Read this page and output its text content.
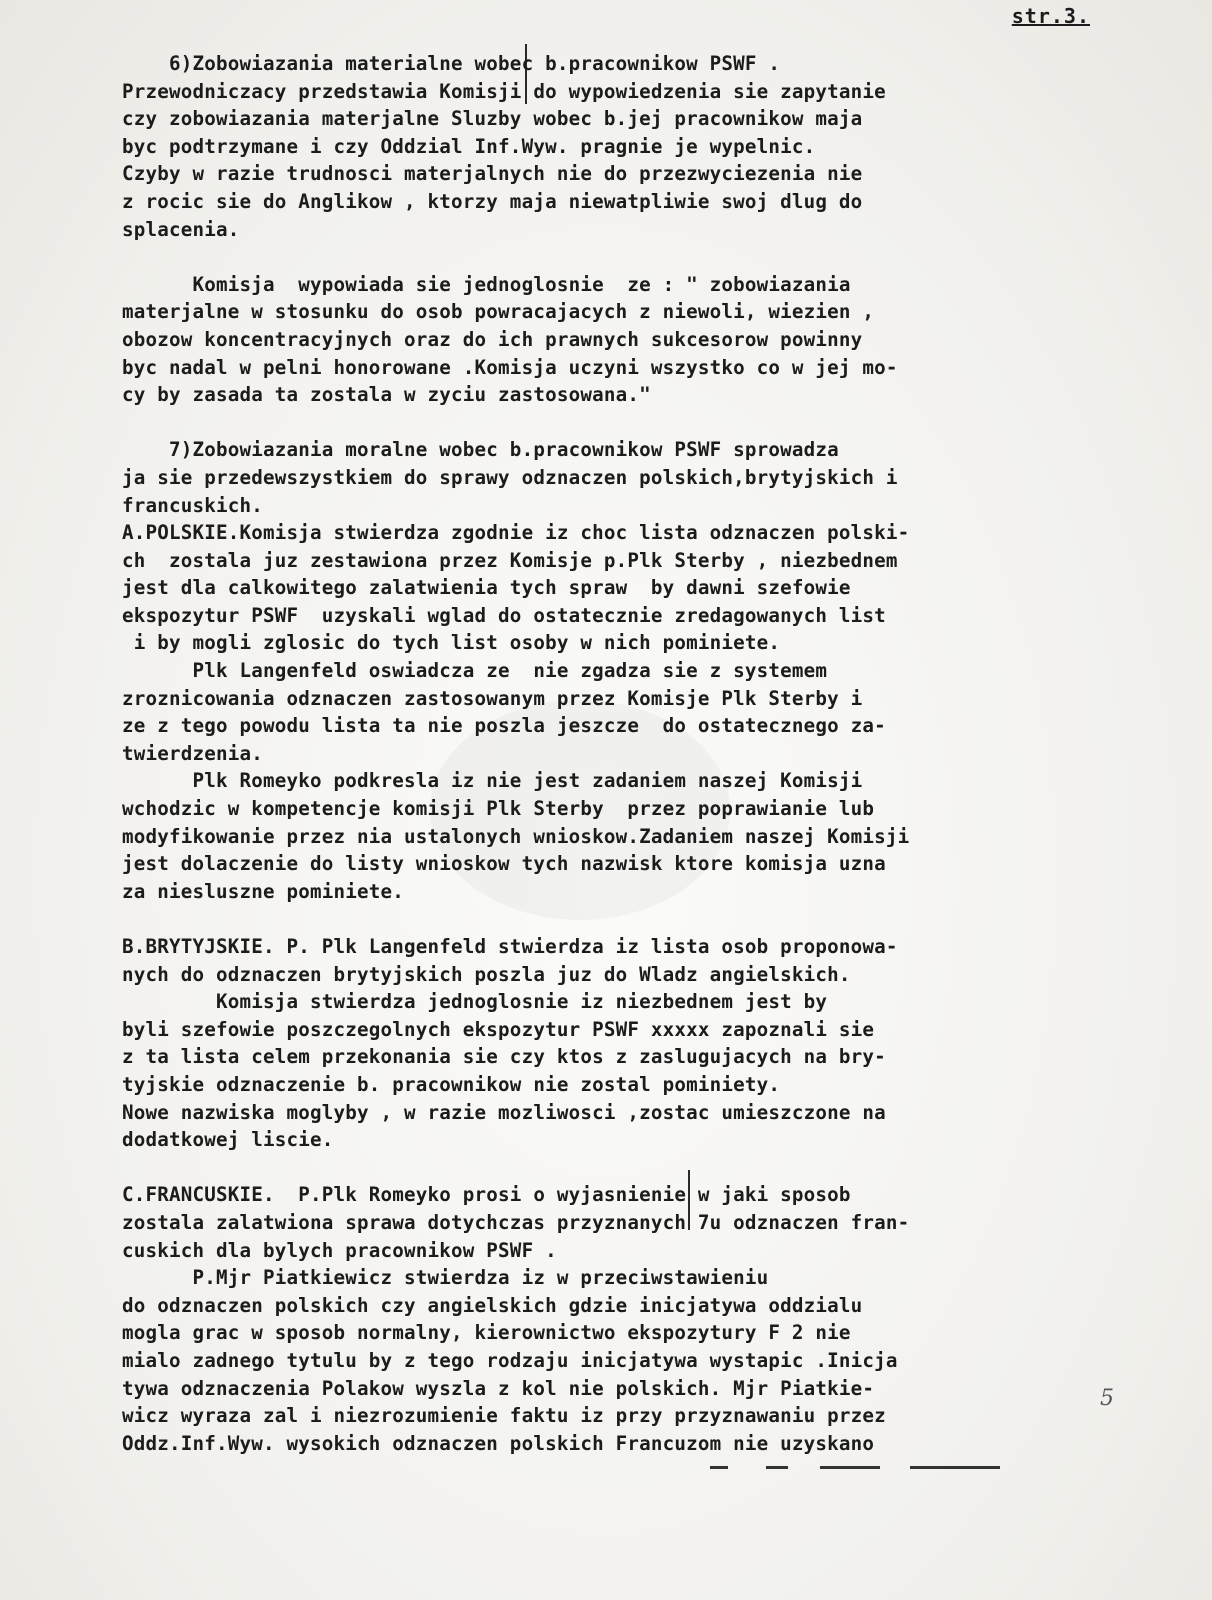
str.3.
6)Zobowiazania materialne wobec b.pracownikow PSWF .
Przewodniczacy przedstawia Komisji do wypowiedzenia sie zapytanie
czy zobowiazania materjalne Sluzby wobec b.jej pracownikow maja
byc podtrzymane i czy Oddzial Inf.Wyw. pragnie je wypelnic.
Czyby w razie trudnosci materjalnych nie do przezwyciezenia nie
z rocic sie do Anglikow , ktorzy maja niewatpliwie swoj dlug do
splacenia.
Komisja  wypowiada sie jednoglosnie  ze : " zobowiazania
materjalne w stosunku do osob powracajacych z niewoli, wiezien ,
obozow koncentracyjnych oraz do ich prawnych sukcesorow powinny
byc nadal w pelni honorowane .Komisja uczyni wszystko co w jej mo-
cy by zasada ta zostala w zyciu zastosowana."
7)Zobowiazania moralne wobec b.pracownikow PSWF sprowadza
ja sie przedewszystkiem do sprawy odznaczen polskich,brytyjskich i
francuskich.
A.POLSKIE.Komisja stwierdza zgodnie iz choc lista odznaczen polski-
ch  zostala juz zestawiona przez Komisje p.Plk Sterby , niezbednem
jest dla calkowitego zalatwienia tych spraw  by dawni szefowie
ekspozytur PSWF  uzyskali wglad do ostatecznie zredagowanych list
i by mogli zglosic do tych list osoby w nich pominiete.
Plk Langenfeld oswiadcza ze  nie zgadza sie z systemem
zroznicowania odznaczen zastosowanym przez Komisje Plk Sterby i
ze z tego powodu lista ta nie poszla jeszcze  do ostatecznego za-
twierdzenia.
Plk Romeyko podkresla iz nie jest zadaniem naszej Komisji
wchodzic w kompetencje komisji Plk Sterby  przez poprawianie lub
modyfikowanie przez nia ustalonych wnioskow.Zadaniem naszej Komisji
jest dolaczenie do listy wnioskow tych nazwisk ktore komisja uzna
za niesluszne pominiete.
B.BRYTYJSKIE. P. Plk Langenfeld stwierdza iz lista osob proponowa-
nych do odznaczen brytyjskich poszla juz do Wladz angielskich.
Komisja stwierdza jednoglosnie iz niezbednem jest by
byli szefowie poszczegolnych ekspozytur PSWF xxxxx zapoznali sie
z ta lista celem przekonania sie czy ktos z zaslugujacych na bry-
tyjskie odznaczenie b. pracownikow nie zostal pominiety.
Nowe nazwiska moglyby , w razie mozliwosci ,zostac umieszczone na
dodatkowej liscie.
C.FRANCUSKIE.  P.Plk Romeyko prosi o wyjasnienie w jaki sposob
zostala zalatwiona sprawa dotychczas przyznanych 7u odznaczen fran-
cuskich dla bylych pracownikow PSWF .
P.Mjr Piatkiewicz stwierdza iz w przeciwstawieniu
do odznaczen polskich czy angielskich gdzie inicjatywa oddzialu
mogla grac w sposob normalny, kierownictwo ekspozytury F 2 nie
mialo zadnego tytulu by z tego rodzaju inicjatywa wystapic .Inicja
tywa odznaczenia Polakow wyszla z kol nie polskich. Mjr Piatkie-
wicz wyraza zal i niezrozumienie faktu iz przy przyznawaniu przez
Oddz.Inf.Wyw. wysokich odznaczen polskich Francuzom nie uzyskano
5
